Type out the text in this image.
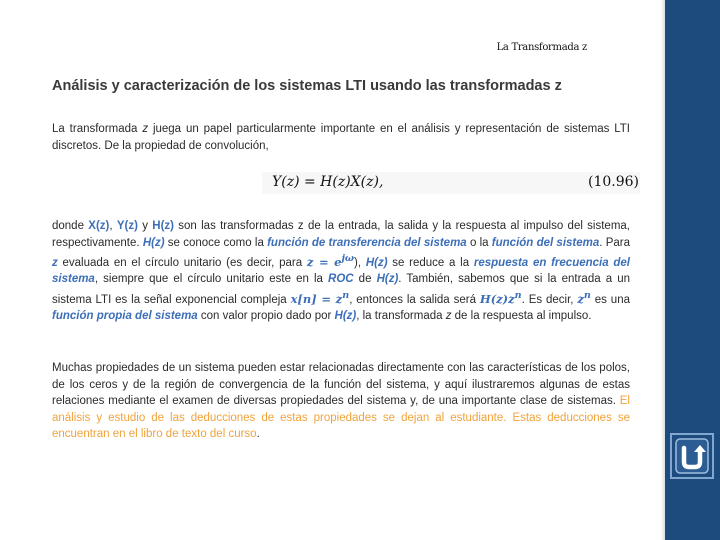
La Transformada z
Análisis y caracterización de los sistemas LTI usando las transformadas z
La transformada z juega un papel particularmente importante en el análisis y representación de sistemas LTI discretos. De la propiedad de convolución,
Y(z) = H(z)X(z),	(10.96)
donde X(z), Y(z) y H(z) son las transformadas z de la entrada, la salida y la respuesta al impulso del sistema, respectivamente. H(z) se conoce como la función de transferencia del sistema o la función del sistema. Para z evaluada en el círculo unitario (es decir, para $z = e^{j\omega}$), H(z) se reduce a la respuesta en frecuencia del sistema, siempre que el círculo unitario este en la ROC de H(z). También, sabemos que si la entrada a un sistema LTI es la señal exponencial compleja $x[n] = z^n$, entonces la salida será $H(z)z^n$. Es decir, $z^n$ es una función propia del sistema con valor propio dado por H(z), la transformada z de la respuesta al impulso.
Muchas propiedades de un sistema pueden estar relacionadas directamente con las características de los polos, de los ceros y de la región de convergencia de la función del sistema, y aquí ilustraremos algunas de estas relaciones mediante el examen de diversas propiedades del sistema y, de una importante clase de sistemas. El análisis y estudio de las deducciones de estas propiedades se dejan al estudiante. Estas deducciones se encuentran en el libro de texto del curso.
